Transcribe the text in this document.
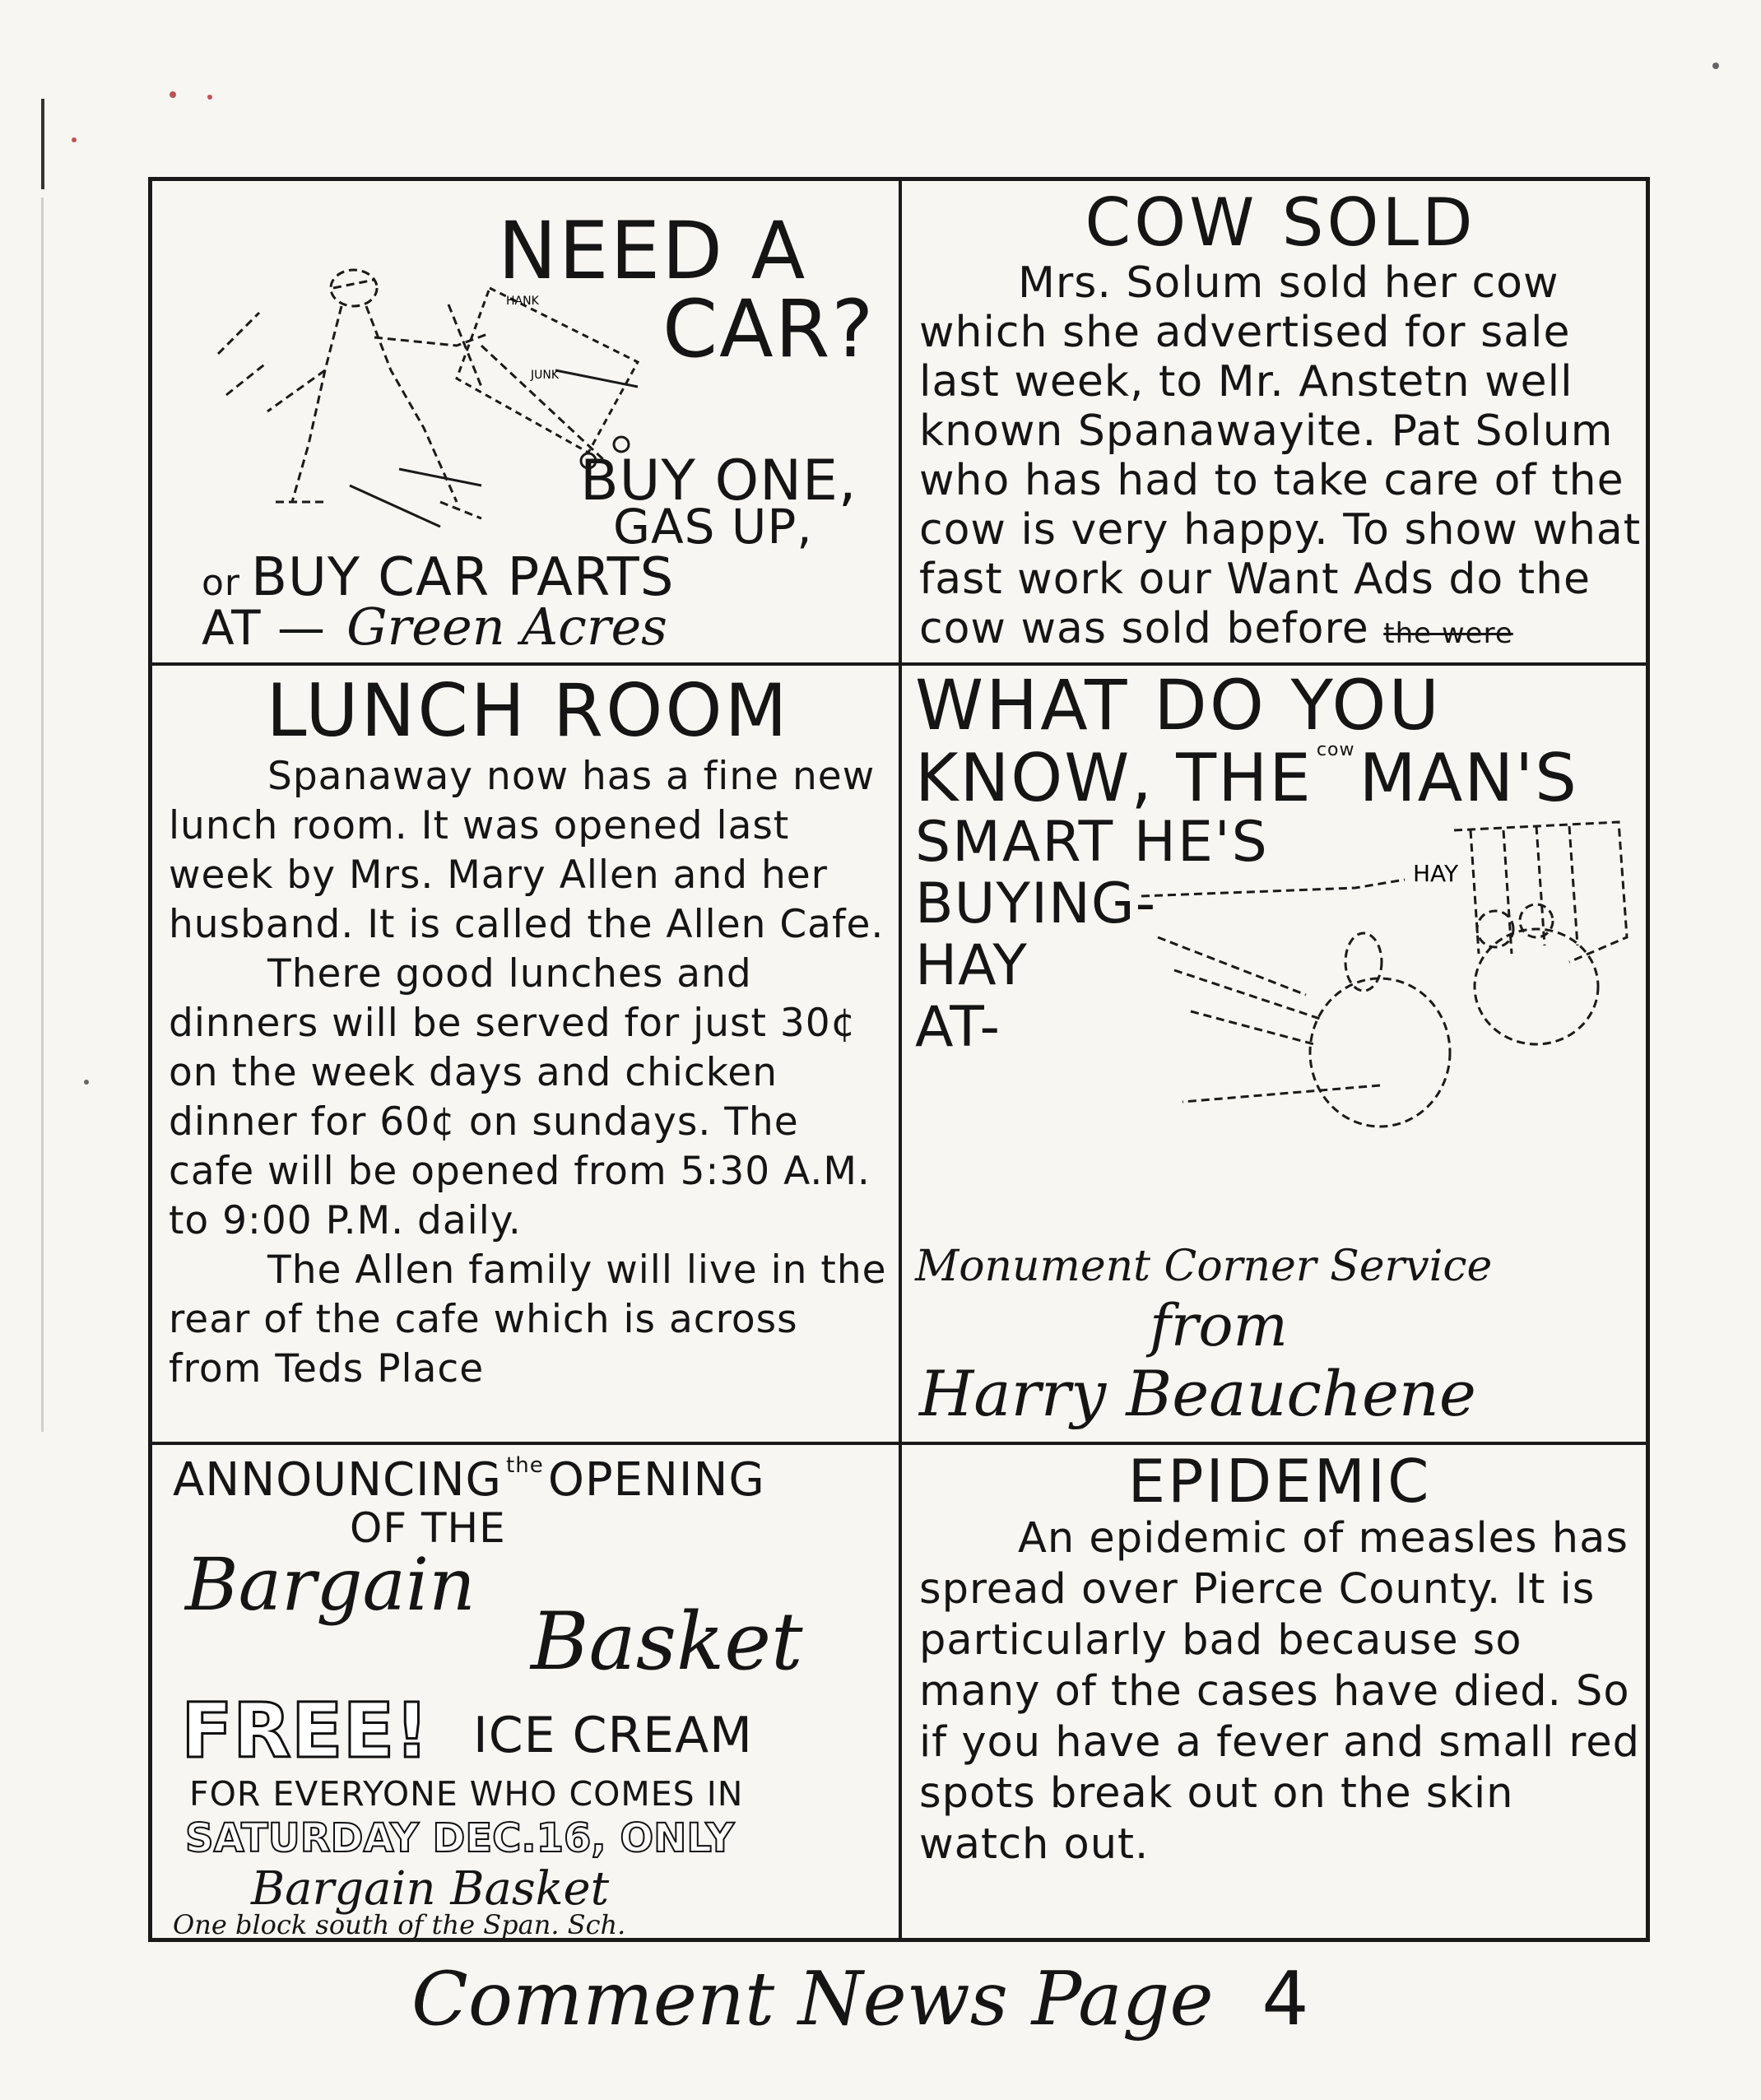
NEED A
CAR?
HANK
JUNK
BUY ONE,
GAS UP,
or BUY CAR PARTS
AT — Green Acres
COW SOLD
Mrs. Solum sold her cow which she advertised for sale last week, to Mr. Anstetn well known Spanawayite. Pat Solum who has had to take care of the cow is very happy. To show what fast work our Want Ads do the cow was sold before the were
LUNCH ROOM

Spanaway now has a fine new lunch room. It was opened last week by Mrs. Mary Allen and her husband. It is called the Allen Cafe.

There good lunches and dinners will be served for just 30¢ on the week days and chicken dinner for 60¢ on sundays. The cafe will be opened from 5:30 A.M. to 9:00 P.M. daily.

The Allen family will live in the rear of the cafe which is across from Teds Place

WHAT DO YOU
KNOW, THE cow MAN'S
SMART HE'S
BUYING-
HAY
AT-
HAY
Monument Corner Service
from
Harry Beauchene
ANNOUNCING the OPENING
OF THE
Bargain
Basket
FREE! ICE CREAM
FOR EVERYONE WHO COMES IN
SATURDAY DEC.16, ONLY
Bargain Basket
One block south of the Span. Sch.
EPIDEMIC
An epidemic of measles has spread over Pierce County. It is particularly bad because so many of the cases have died. So if you have a fever and small red spots break out on the skin watch out.
Comment News Page 4
